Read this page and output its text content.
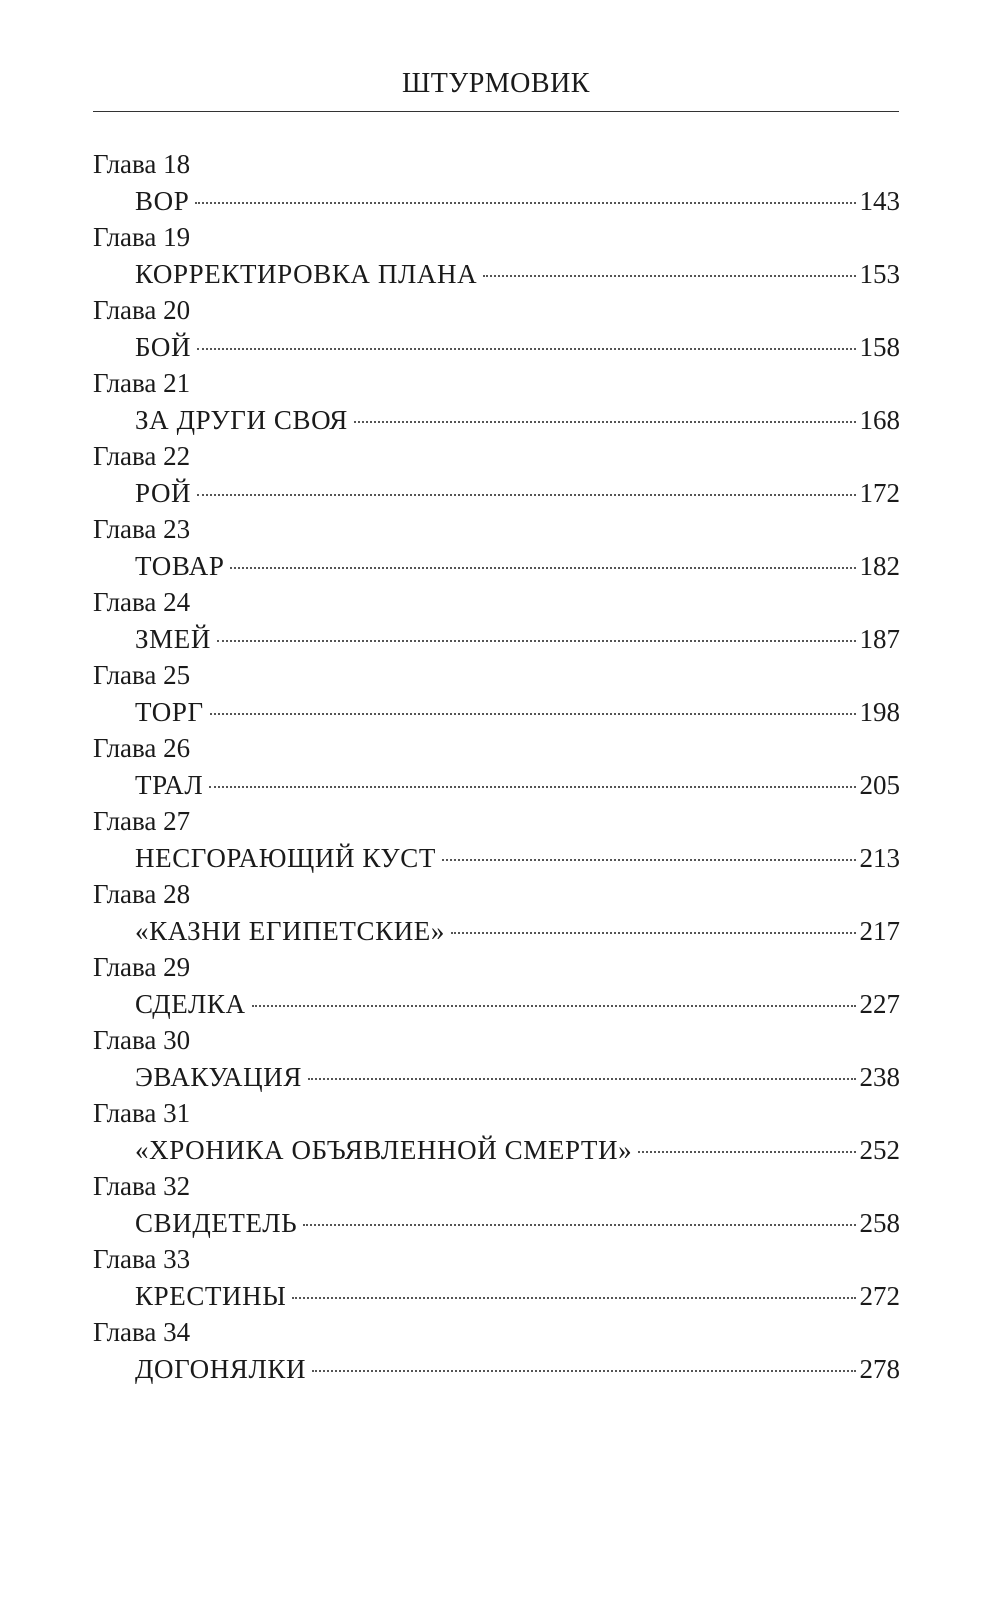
ШТУРМОВИК
Глава 18
ВОР	143
Глава 19
КОРРЕКТИРОВКА ПЛАНА	153
Глава 20
БОЙ	158
Глава 21
ЗА ДРУГИ СВОЯ	168
Глава 22
РОЙ	172
Глава 23
ТОВАР	182
Глава 24
ЗМЕЙ	187
Глава 25
ТОРГ	198
Глава 26
ТРАЛ	205
Глава 27
НЕСГОРАЮЩИЙ КУСТ	213
Глава 28
«КАЗНИ ЕГИПЕТСКИЕ»	217
Глава 29
СДЕЛКА	227
Глава 30
ЭВАКУАЦИЯ	238
Глава 31
«ХРОНИКА ОБЪЯВЛЕННОЙ СМЕРТИ»	252
Глава 32
СВИДЕТЕЛЬ	258
Глава 33
КРЕСТИНЫ	272
Глава 34
ДОГОНЯЛКИ	278
